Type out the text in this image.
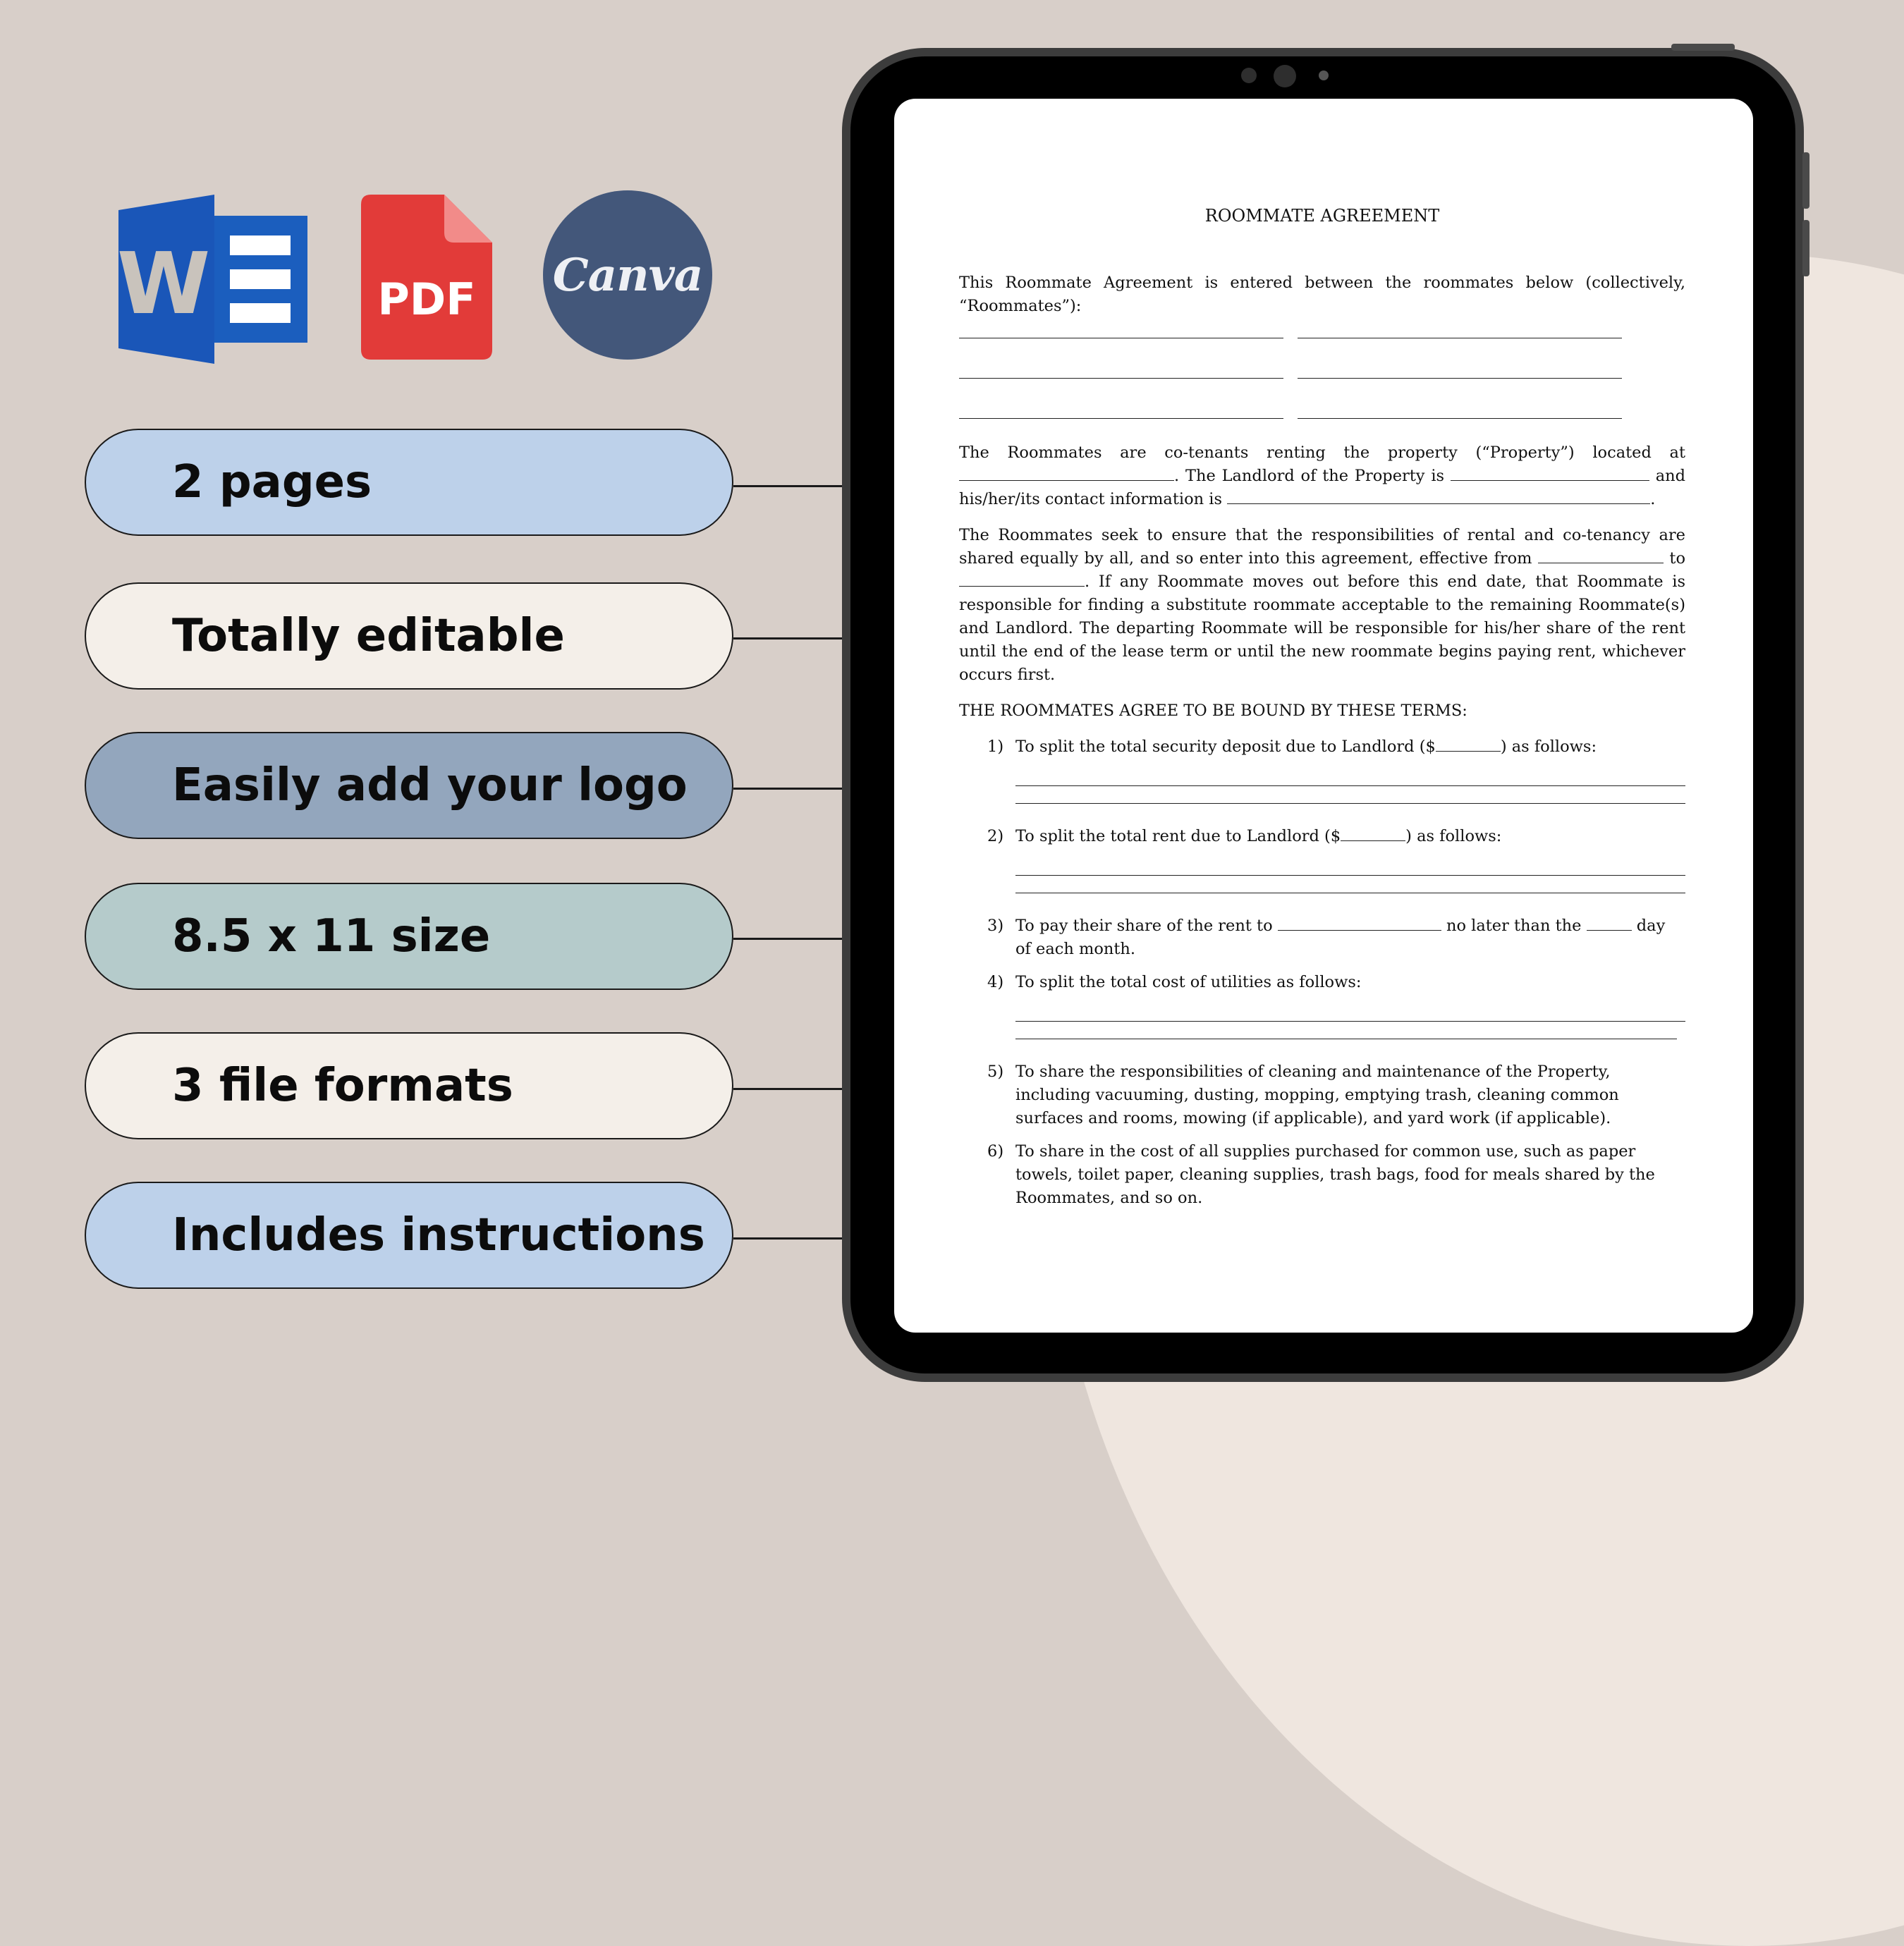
W	PDF Canva
2 pages
Totally editable
Easily add your logo
8.5 x 11 size
3 file formats
Includes instructions
ROOMMATE AGREEMENT

This Roommate Agreement is entered between the roommates below (collectively, “Roommates”):

The Roommates are co-tenants renting the property (“Property”) located at . The Landlord of the Property is	and his/her/its contact information is	.

The Roommates seek to ensure that the responsibilities of rental and co-tenancy are shared equally by all, and so enter into this agreement, effective from	to . If any Roommate moves out before this end date, that Roommate is responsible for finding a substitute roommate acceptable to the remaining Roommate(s) and Landlord. The departing Roommate will be responsible for his/her share of the rent until the end of the lease term or until the new roommate begins paying rent, whichever occurs first.

THE ROOMMATES AGREE TO BE BOUND BY THESE TERMS:

1) To split the total security deposit due to Landlord ($	) as follows:
2) To split the total rent due to Landlord ($	) as follows:
3) To pay their share of the rent to	no later than the	day of each month.
4) To split the total cost of utilities as follows:
5) To share the responsibilities of cleaning and maintenance of the Property, including vacuuming, dusting, mopping, emptying trash, cleaning common surfaces and rooms, mowing (if applicable), and yard work (if applicable).
6) To share in the cost of all supplies purchased for common use, such as paper towels, toilet paper, cleaning supplies, trash bags, food for meals shared by the Roommates, and so on.
